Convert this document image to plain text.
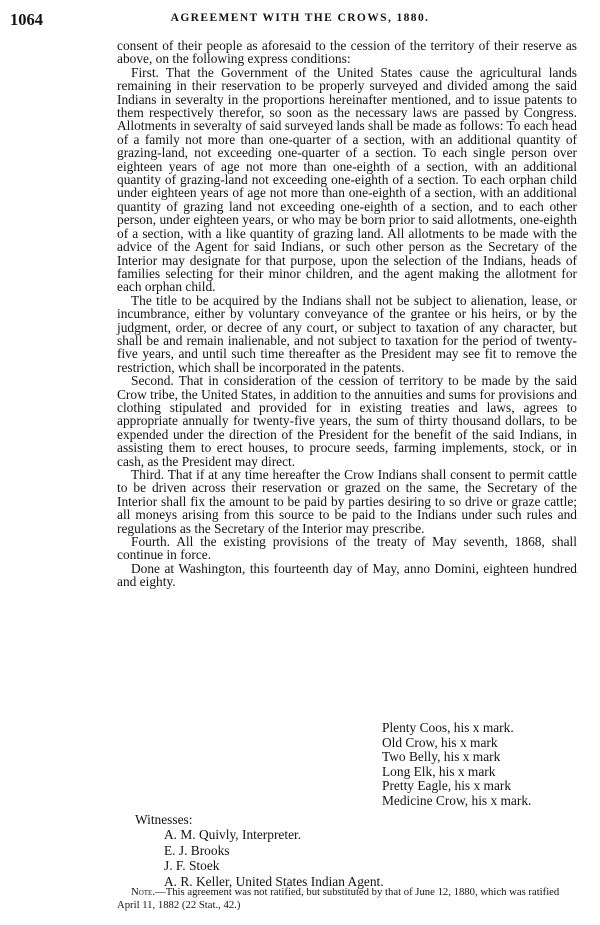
1064	AGREEMENT WITH THE CROWS, 1880.

consent of their people as aforesaid to the cession of the territory of their reserve as above, on the following express conditions:

First. That the Government of the United States cause the agricultural lands remaining in their reservation to be properly surveyed and divided among the said Indians in severalty in the proportions hereinafter mentioned, and to issue patents to them respectively therefor, so soon as the necessary laws are passed by Congress. Allotments in severalty of said surveyed lands shall be made as follows: To each head of a family not more than one-quarter of a section, with an additional quantity of grazing-land, not exceeding one-quarter of a section. To each single person over eighteen years of age not more than one-eighth of a section, with an additional quantity of grazing-land not exceeding one-eighth of a section. To each orphan child under eighteen years of age not more than one-eighth of a section, with an additional quantity of grazing land not exceeding one-eighth of a section, and to each other person, under eighteen years, or who may be born prior to said allotments, one-eighth of a section, with a like quantity of grazing land. All allotments to be made with the advice of the Agent for said Indians, or such other person as the Secretary of the Interior may designate for that purpose, upon the selection of the Indians, heads of families selecting for their minor children, and the agent making the allotment for each orphan child.

The title to be acquired by the Indians shall not be subject to alienation, lease, or incumbrance, either by voluntary conveyance of the grantee or his heirs, or by the judgment, order, or decree of any court, or subject to taxation of any character, but shall be and remain inalienable, and not subject to taxation for the period of twenty-five years, and until such time thereafter as the President may see fit to remove the restriction, which shall be incorporated in the patents.

Second. That in consideration of the cession of territory to be made by the said Crow tribe, the United States, in addition to the annuities and sums for provisions and clothing stipulated and provided for in existing treaties and laws, agrees to appropriate annually for twenty-five years, the sum of thirty thousand dollars, to be expended under the direction of the President for the benefit of the said Indians, in assisting them to erect houses, to procure seeds, farming implements, stock, or in cash, as the President may direct.

Third. That if at any time hereafter the Crow Indians shall consent to permit cattle to be driven across their reservation or grazed on the same, the Secretary of the Interior shall fix the amount to be paid by parties desiring to so drive or graze cattle; all moneys arising from this source to be paid to the Indians under such rules and regulations as the Secretary of the Interior may prescribe.

Fourth. All the existing provisions of the treaty of May seventh, 1868, shall continue in force.

Done at Washington, this fourteenth day of May, anno Domini, eighteen hundred and eighty.

Plenty Coos, his x mark.
Old Crow, his x mark
Two Belly, his x mark
Long Elk, his x mark
Pretty Eagle, his x mark
Medicine Crow, his x mark.
Witnesses:
A. M. Quivly, Interpreter.
E. J. Brooks
J. F. Stoek
A. R. Keller, United States Indian Agent.

Note.—This agreement was not ratified, but substituted by that of June 12, 1880, which was ratified April 11, 1882 (22 Stat., 42.)
